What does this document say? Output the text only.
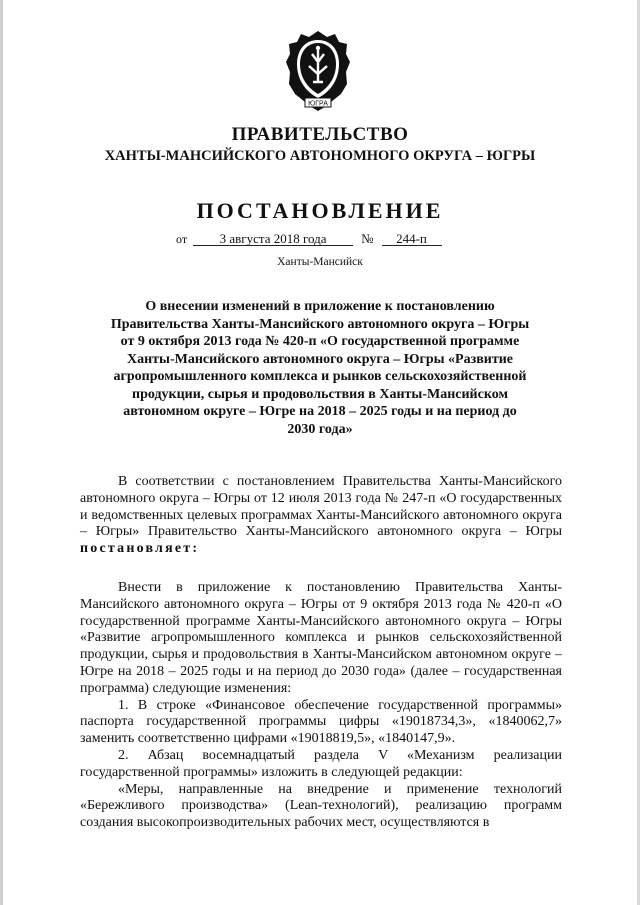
ЮГРА
ПРАВИТЕЛЬСТВО
ХАНТЫ-МАНСИЙСКОГО АВТОНОМНОГО ОКРУГА – ЮГРЫ
ПОСТАНОВЛЕНИЕ
от	3 августа 2018 года	№ 244-п
Ханты-Мансийск
О внесении изменений в приложение к постановлению Правительства Ханты-Мансийского автономного округа – Югры от 9 октября 2013 года № 420-п «О государственной программе Ханты-Мансийского автономного округа – Югры «Развитие агропромышленного комплекса и рынков сельскохозяйственной продукции, сырья и продовольствия в Ханты-Мансийском автономном округе – Югре на 2018 – 2025 годы и на период до 2030 года»

В соответствии с постановлением Правительства Ханты-Мансийского автономного округа – Югры от 12 июля 2013 года № 247-п «О государственных и ведомственных целевых программах Ханты-Мансийского автономного округа – Югры» Правительство Ханты-Мансийского автономного округа – Югры постановляет:

Внести в приложение к постановлению Правительства Ханты-Мансийского автономного округа – Югры от 9 октября 2013 года № 420-п «О государственной программе Ханты-Мансийского автономного округа – Югры «Развитие агропромышленного комплекса и рынков сельскохозяйственной продукции, сырья и продовольствия в Ханты-Мансийском автономном округе – Югре на 2018 – 2025 годы и на период до 2030 года» (далее – государственная программа) следующие изменения:

1. В строке «Финансовое обеспечение государственной программы» паспорта государственной программы цифры «19018734,3», «1840062,7» заменить соответственно цифрами «19018819,5», «1840147,9».

2. Абзац восемнадцатый раздела V «Механизм реализации государственной программы» изложить в следующей редакции:

«Меры, направленные на внедрение и применение технологий «Бережливого производства» (Lean-технологий), реализацию программ создания высокопроизводительных рабочих мест, осуществляются в
